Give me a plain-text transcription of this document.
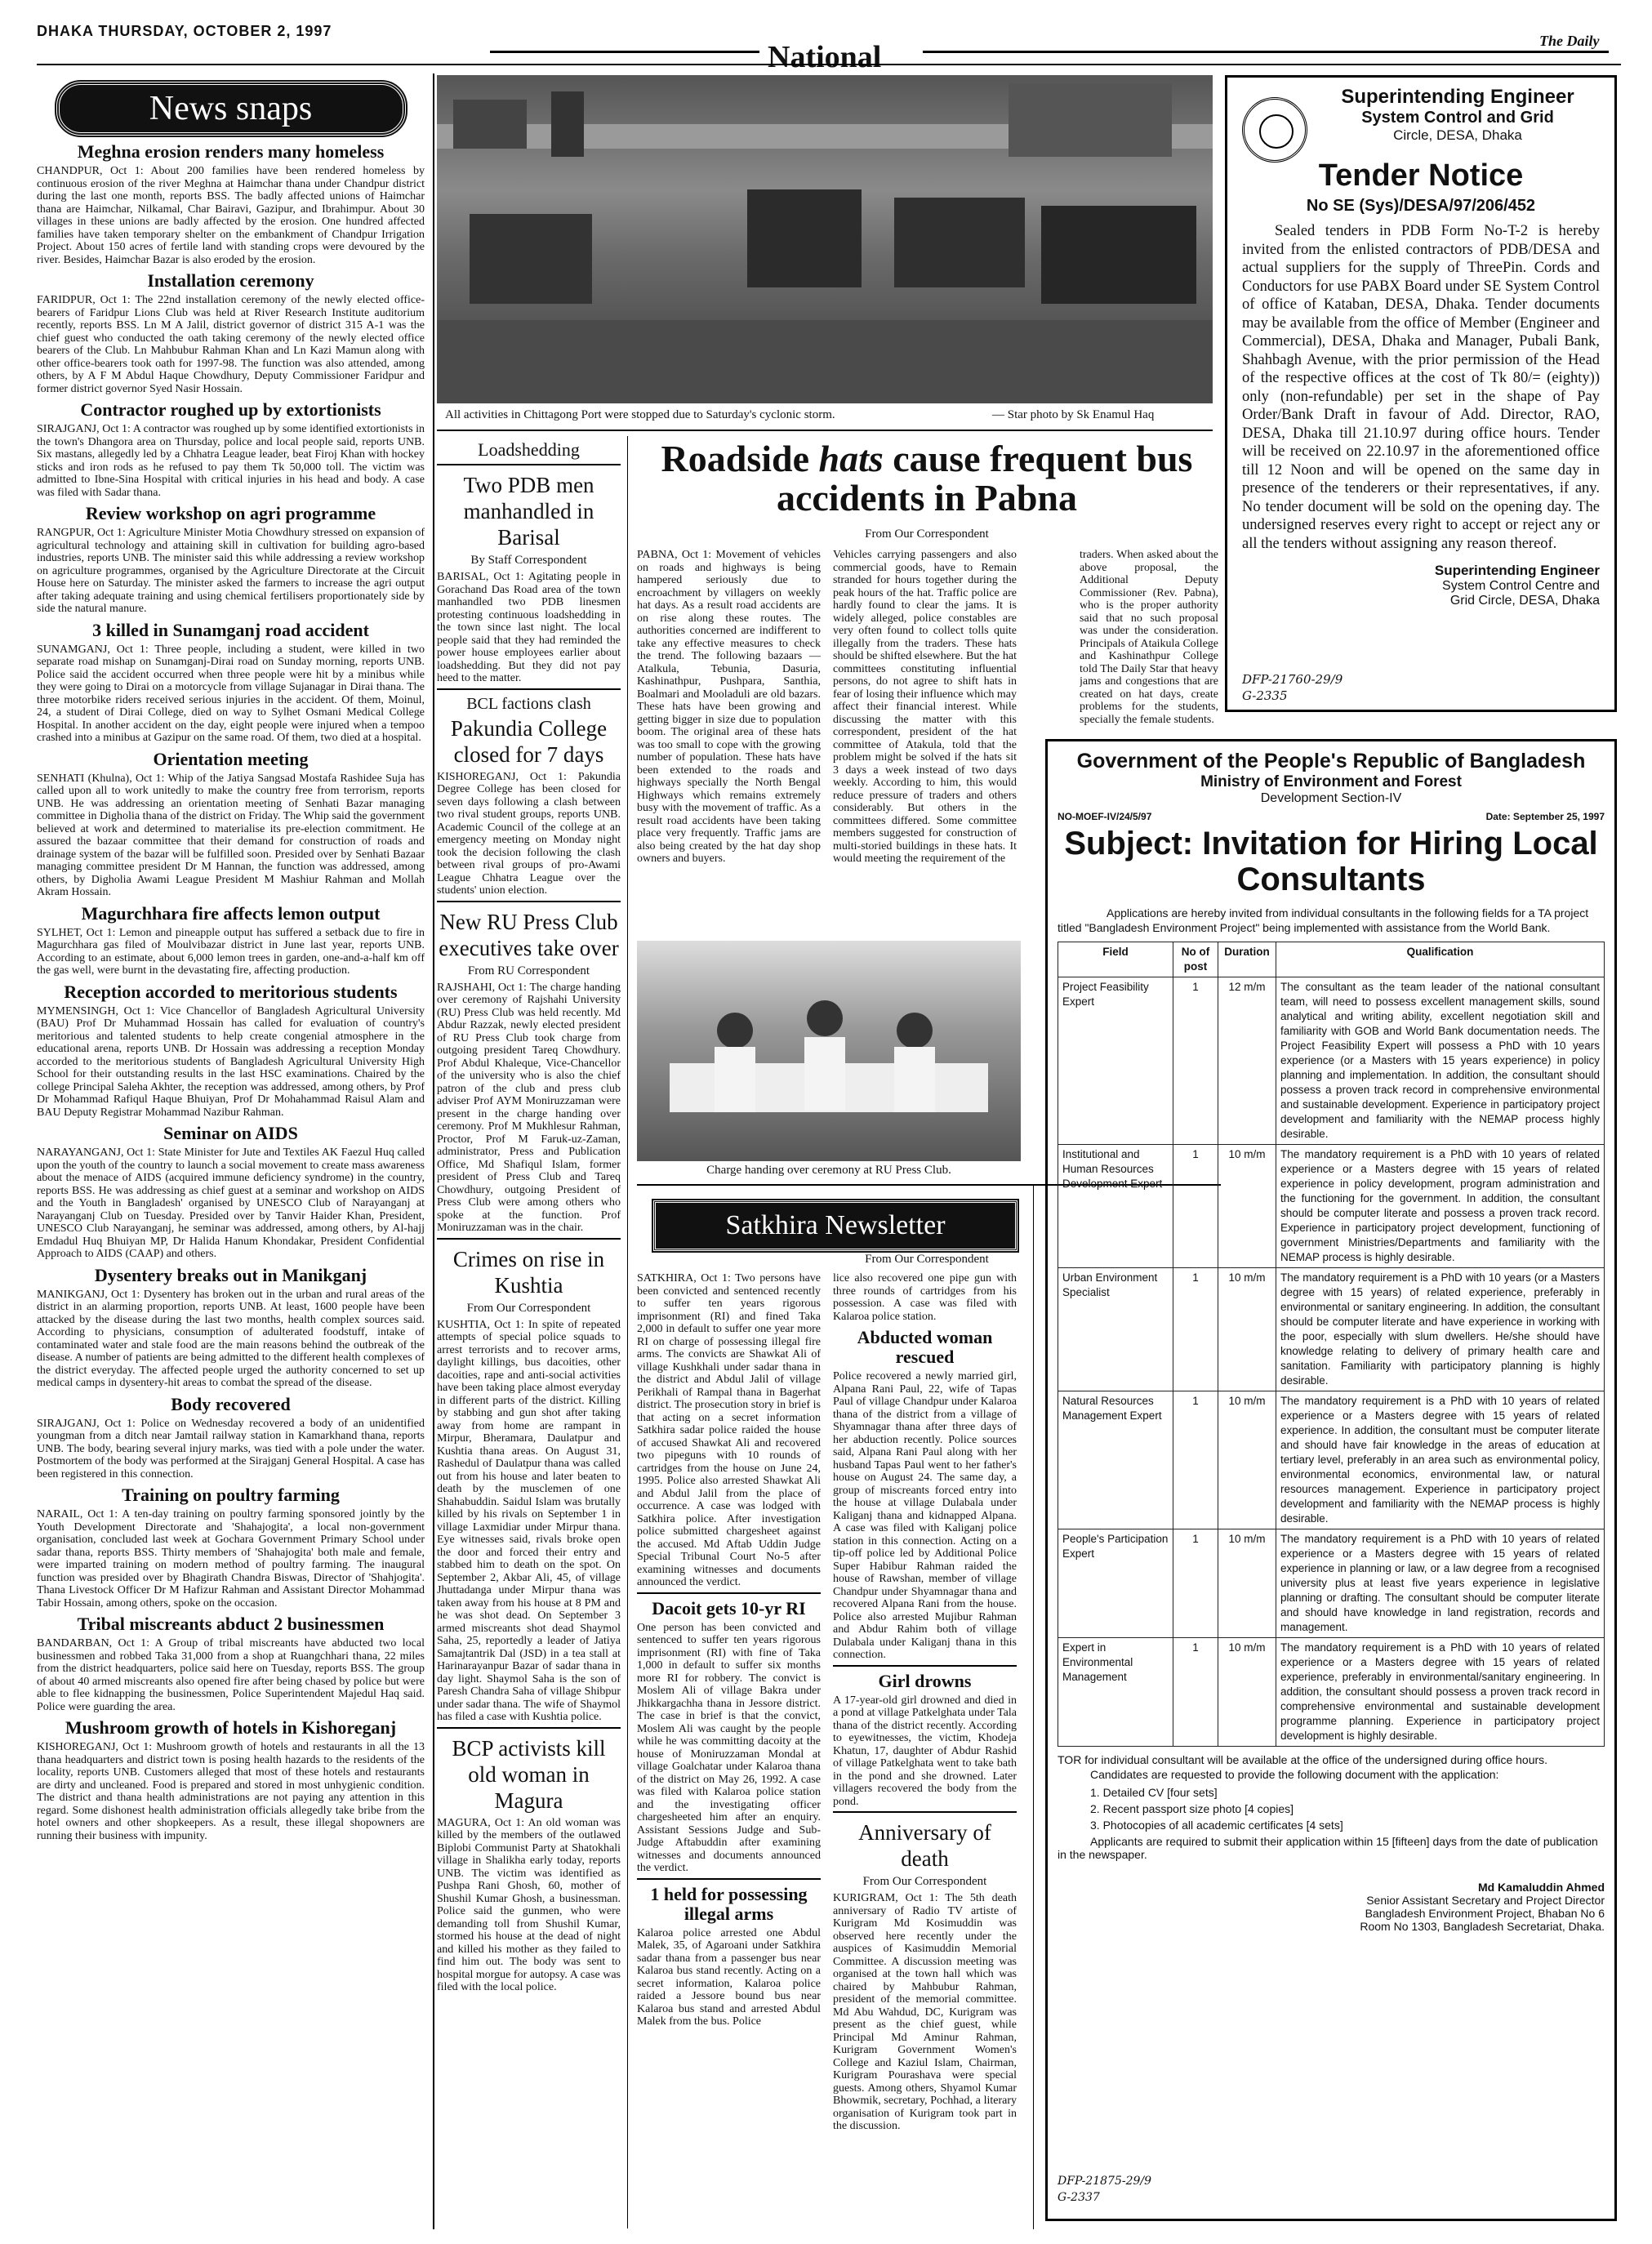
DHAKA THURSDAY, OCTOBER 2, 1997
National	The Daily
News snaps
Meghna erosion renders many homeless

CHANDPUR, Oct 1: About 200 families have been rendered homeless by continuous erosion of the river Meghna at Haimchar thana under Chandpur district during the last one month, reports BSS. The badly affected unions of Haimchar thana are Haimchar, Nilkamal, Char Bairavi, Gazipur, and Ibrahimpur. About 30 villages in these unions are badly affected by the erosion. One hundred affected families have taken temporary shelter on the embankment of Chandpur Irrigation Project. About 150 acres of fertile land with standing crops were devoured by the river. Besides, Haimchar Bazar is also eroded by the erosion.

Installation ceremony

FARIDPUR, Oct 1: The 22nd installation ceremony of the newly elected office-bearers of Faridpur Lions Club was held at River Research Institute auditorium recently, reports BSS. Ln M A Jalil, district governor of district 315 A-1 was the chief guest who conducted the oath taking ceremony of the newly elected office bearers of the Club. Ln Mahbubur Rahman Khan and Ln Kazi Mamun along with other office-bearers took oath for 1997-98. The function was also attended, among others, by A F M Abdul Haque Chowdhury, Deputy Commissioner Faridpur and former district governor Syed Nasir Hossain.

Contractor roughed up by extortionists

SIRAJGANJ, Oct 1: A contractor was roughed up by some identified extortionists in the town's Dhangora area on Thursday, police and local people said, reports UNB. Six mastans, allegedly led by a Chhatra League leader, beat Firoj Khan with hockey sticks and iron rods as he refused to pay them Tk 50,000 toll. The victim was admitted to Ibne-Sina Hospital with critical injuries in his head and body. A case was filed with Sadar thana.

Review workshop on agri programme

RANGPUR, Oct 1: Agriculture Minister Motia Chowdhury stressed on expansion of agricultural technology and attaining skill in cultivation for building agro-based industries, reports UNB. The minister said this while addressing a review workshop on agriculture programmes, organised by the Agriculture Directorate at the Circuit House here on Saturday. The minister asked the farmers to increase the agri output after taking adequate training and using chemical fertilisers proportionately side by side the natural manure.

3 killed in Sunamganj road accident

SUNAMGANJ, Oct 1: Three people, including a student, were killed in two separate road mishap on Sunamganj-Dirai road on Sunday morning, reports UNB. Police said the accident occurred when three people were hit by a minibus while they were going to Dirai on a motorcycle from village Sujanagar in Dirai thana. The three motorbike riders received serious injuries in the accident. Of them, Moinul, 24, a student of Dirai College, died on way to Sylhet Osmani Medical College Hospital. In another accident on the day, eight people were injured when a tempoo crashed into a minibus at Gazipur on the same road. Of them, two died at a hospital.

Orientation meeting

SENHATI (Khulna), Oct 1: Whip of the Jatiya Sangsad Mostafa Rashidee Suja has called upon all to work unitedly to make the country free from terrorism, reports UNB. He was addressing an orientation meeting of Senhati Bazar managing committee in Digholia thana of the district on Friday. The Whip said the government believed at work and determined to materialise its pre-election commitment. He assured the bazaar committee that their demand for construction of roads and drainage system of the bazar will be fulfilled soon. Presided over by Senhati Bazaar managing committee president Dr M Hannan, the function was addressed, among others, by Digholia Awami League President M Mashiur Rahman and Mollah Akram Hossain.

Magurchhara fire affects lemon output

SYLHET, Oct 1: Lemon and pineapple output has suffered a setback due to fire in Magurchhara gas filed of Moulvibazar district in June last year, reports UNB. According to an estimate, about 6,000 lemon trees in garden, one-and-a-half km off the gas well, were burnt in the devastating fire, affecting production.

Reception accorded to meritorious students

MYMENSINGH, Oct 1: Vice Chancellor of Bangladesh Agricultural University (BAU) Prof Dr Muhammad Hossain has called for evaluation of country's meritorious and talented students to help create congenial atmosphere in the educational arena, reports UNB. Dr Hossain was addressing a reception Monday accorded to the meritorious students of Bangladesh Agricultural University High School for their outstanding results in the last HSC examinations. Chaired by the college Principal Saleha Akhter, the reception was addressed, among others, by Prof Dr Mohammad Rafiqul Haque Bhuiyan, Prof Dr Mohahammad Raisul Alam and BAU Deputy Registrar Mohammad Nazibur Rahman.

Seminar on AIDS

NARAYANGANJ, Oct 1: State Minister for Jute and Textiles AK Faezul Huq called upon the youth of the country to launch a social movement to create mass awareness about the menace of AIDS (acquired immune deficiency syndrome) in the country, reports BSS. He was addressing as chief guest at a seminar and workshop on AIDS and the Youth in Bangladesh' organised by UNESCO Club of Narayanganj at Narayanganj Club on Tuesday. Presided over by Tanvir Haider Khan, President, UNESCO Club Narayanganj, he seminar was addressed, among others, by Al-hajj Emdadul Huq Bhuiyan MP, Dr Halida Hanum Khondakar, President Confidential Approach to AIDS (CAAP) and others.

Dysentery breaks out in Manikganj

MANIKGANJ, Oct 1: Dysentery has broken out in the urban and rural areas of the district in an alarming proportion, reports UNB. At least, 1600 people have been attacked by the disease during the last two months, health complex sources said. According to physicians, consumption of adulterated foodstuff, intake of contaminated water and stale food are the main reasons behind the outbreak of the disease. A number of patients are being admitted to the different health complexes of the district everyday. The affected people urged the authority concerned to set up medical camps in dysentery-hit areas to combat the spread of the disease.

Body recovered

SIRAJGANJ, Oct 1: Police on Wednesday recovered a body of an unidentified youngman from a ditch near Jamtail railway station in Kamarkhand thana, reports UNB. The body, bearing several injury marks, was tied with a pole under the water. Postmortem of the body was performed at the Sirajganj General Hospital. A case has been registered in this connection.

Training on poultry farming

NARAIL, Oct 1: A ten-day training on poultry farming sponsored jointly by the Youth Development Directorate and 'Shahajogita', a local non-government organisation, concluded last week at Gochara Government Primary School under sadar thana, reports BSS. Thirty members of 'Shahajogita' both male and female, were imparted training on modern method of poultry farming. The inaugural function was presided over by Bhagirath Chandra Biswas, Director of 'Shahjogita'. Thana Livestock Officer Dr M Hafizur Rahman and Assistant Director Mohammad Tabir Hossain, among others, spoke on the occasion.

Tribal miscreants abduct 2 businessmen

BANDARBAN, Oct 1: A Group of tribal miscreants have abducted two local businessmen and robbed Taka 31,000 from a shop at Ruangchhari thana, 22 miles from the district headquarters, police said here on Tuesday, reports BSS. The group of about 40 armed miscreants also opened fire after being chased by police but were able to flee kidnapping the businessmen, Police Superintendent Majedul Haq said. Police were guarding the area.

Mushroom growth of hotels in Kishoreganj

KISHOREGANJ, Oct 1: Mushroom growth of hotels and restaurants in all the 13 thana headquarters and district town is posing health hazards to the residents of the locality, reports UNB. Customers alleged that most of these hotels and restaurants are dirty and uncleaned. Food is prepared and stored in most unhygienic condition. The district and thana health administrations are not paying any attention in this regard. Some dishonest health administration officials allegedly take bribe from the hotel owners and other shopkeepers. As a result, these illegal shopowners are running their business with impunity.

All activities in Chittagong Port were stopped due to Saturday's cyclonic storm.	— Star photo by Sk Enamul Haq
Loadshedding
Two PDB men manhandled in Barisal
By Staff Correspondent

BARISAL, Oct 1: Agitating people in Gorachand Das Road area of the town manhandled two PDB linesmen protesting continuous loadshedding in the town since last night. The local people said that they had reminded the power house employees earlier about loadshedding. But they did not pay heed to the matter.

BCL factions clash
Pakundia College closed for 7 days

KISHOREGANJ, Oct 1: Pakundia Degree College has been closed for seven days following a clash between two rival student groups, reports UNB. Academic Council of the college at an emergency meeting on Monday night took the decision following the clash between rival groups of pro-Awami League Chhatra League over the students' union election.

New RU Press Club executives take over
From RU Correspondent

RAJSHAHI, Oct 1: The charge handing over ceremony of Rajshahi University (RU) Press Club was held recently. Md Abdur Razzak, newly elected president of RU Press Club took charge from outgoing president Tareq Chowdhury. Prof Abdul Khaleque, Vice-Chancellor of the university who is also the chief patron of the club and press club adviser Prof AYM Moniruzzaman were present in the charge handing over ceremony. Prof M Mukhlesur Rahman, Proctor, Prof M Faruk-uz-Zaman, administrator, Press and Publication Office, Md Shafiqul Islam, former president of Press Club and Tareq Chowdhury, outgoing President of Press Club were among others who spoke at the function. Prof Moniruzzaman was in the chair.

Crimes on rise in Kushtia
From Our Correspondent

KUSHTIA, Oct 1: In spite of repeated attempts of special police squads to arrest terrorists and to recover arms, daylight killings, bus dacoities, other dacoities, rape and anti-social activities have been taking place almost everyday in different parts of the district. Killing by stabbing and gun shot after taking away from home are rampant in Mirpur, Bheramara, Daulatpur and Kushtia thana areas. On August 31, Rashedul of Daulatpur thana was called out from his house and later beaten to death by the musclemen of one Shahabuddin. Saidul Islam was brutally killed by his rivals on September 1 in village Laxmidiar under Mirpur thana. Eye witnesses said, rivals broke open the door and forced their entry and stabbed him to death on the spot. On September 2, Akbar Ali, 45, of village Jhuttadanga under Mirpur thana was taken away from his house at 8 PM and he was shot dead. On September 3 armed miscreants shot dead Shaymol Saha, 25, reportedly a leader of Jatiya Samajtantrik Dal (JSD) in a tea stall at Harinarayanpur Bazar of sadar thana in day light. Shaymol Saha is the son of Paresh Chandra Saha of village Shibpur under sadar thana. The wife of Shaymol has filed a case with Kushtia police.

BCP activists kill old woman in Magura

MAGURA, Oct 1: An old woman was killed by the members of the outlawed Biplobi Communist Party at Shatokhali village in Shalikha early today, reports UNB. The victim was identified as Pushpa Rani Ghosh, 60, mother of Shushil Kumar Ghosh, a businessman. Police said the gunmen, who were demanding toll from Shushil Kumar, stormed his house at the dead of night and killed his mother as they failed to find him out. The body was sent to hospital morgue for autopsy. A case was filed with the local police.

Roadside hats cause frequent bus accidents in Pabna
From Our Correspondent

PABNA, Oct 1: Movement of vehicles on roads and highways is being hampered seriously due to encroachment by villagers on weekly hat days. As a result road accidents are on rise along these routes. The authorities concerned are indifferent to take any effective measures to check the trend. The following bazaars — Atalkula, Tebunia, Dasuria, Kashinathpur, Pushpara, Santhia, Boalmari and Mooladuli are old bazars. These hats have been growing and getting bigger in size due to population boom. The original area of these hats was too small to cope with the growing number of population. These hats have been extended to the roads and highways specially the North Bengal Highways which remains extremely busy with the movement of traffic. As a result road accidents have been taking place very frequently. Traffic jams are also being created by the hat day shop owners and buyers.

Vehicles carrying passengers and also commercial goods, have to Remain stranded for hours together during the peak hours of the hat. Traffic police are hardly found to clear the jams. It is widely alleged, police constables are very often found to collect tolls quite illegally from the traders. These hats should be shifted elsewhere. But the hat committees constituting influential persons, do not agree to shift hats in fear of losing their influence which may affect their financial interest. While discussing the matter with this correspondent, president of the hat committee of Atakula, told that the problem might be solved if the hats sit 3 days a week instead of two days weekly. According to him, this would reduce pressure of traders and others considerably. But others in the committees differed. Some committee members suggested for construction of multi-storied buildings in these hats. It would meeting the requirement of the

traders. When asked about the above proposal, the Additional Deputy Commissioner (Rev. Pabna), who is the proper authority said that no such proposal was under the consideration. Principals of Ataikula College and Kashinathpur College told The Daily Star that heavy jams and congestions that are created on hat days, create problems for the students, specially the female students.

Charge handing over ceremony at RU Press Club.
Satkhira Newsletter
From Our Correspondent

SATKHIRA, Oct 1: Two persons have been convicted and sentenced recently to suffer ten years rigorous imprisonment (RI) and fined Taka 2,000 in default to suffer one year more RI on charge of possessing illegal fire arms. The convicts are Shawkat Ali of village Kushkhali under sadar thana in the district and Abdul Jalil of village Perikhali of Rampal thana in Bagerhat district. The prosecution story in brief is that acting on a secret information Satkhira sadar police raided the house of accused Shawkat Ali and recovered two pipeguns with 10 rounds of cartridges from the house on June 24, 1995. Police also arrested Shawkat Ali and Abdul Jalil from the place of occurrence. A case was lodged with Satkhira police. After investigation police submitted chargesheet against the accused. Md Aftab Uddin Judge Special Tribunal Court No-5 after examining witnesses and documents announced the verdict.

Dacoit gets 10-yr RI

One person has been convicted and sentenced to suffer ten years rigorous imprisonment (RI) with fine of Taka 1,000 in default to suffer six months more RI for robbery. The convict is Moslem Ali of village Bakra under Jhikkargachha thana in Jessore district. The case in brief is that the convict, Moslem Ali was caught by the people while he was committing dacoity at the house of Moniruzzaman Mondal at village Goalchatar under Kalaroa thana of the district on May 26, 1992. A case was filed with Kalaroa police station and the investigating officer chargesheeted him after an enquiry. Assistant Sessions Judge and Sub-Judge Aftabuddin after examining witnesses and documents announced the verdict.

1 held for possessing illegal arms

Kalaroa police arrested one Abdul Malek, 35, of Agaroani under Satkhira sadar thana from a passenger bus near Kalaroa bus stand recently. Acting on a secret information, Kalaroa police raided a Jessore bound bus near Kalaroa bus stand and arrested Abdul Malek from the bus. Police

lice also recovered one pipe gun with three rounds of cartridges from his possession. A case was filed with Kalaroa police station.

Abducted woman rescued

Police recovered a newly married girl, Alpana Rani Paul, 22, wife of Tapas Paul of village Chandpur under Kalaroa thana of the district from a village of Shyamnagar thana after three days of her abduction recently. Police sources said, Alpana Rani Paul along with her husband Tapas Paul went to her father's house on August 24. The same day, a group of miscreants forced entry into the house at village Dulabala under Kaliganj thana and kidnapped Alpana. A case was filed with Kaliganj police station in this connection. Acting on a tip-off police led by Additional Police Super Habibur Rahman raided the house of Rawshan, member of village Chandpur under Shyamnagar thana and recovered Alpana Rani from the house. Police also arrested Mujibur Rahman and Abdur Rahim both of village Dulabala under Kaliganj thana in this connection.

Girl drowns

A 17-year-old girl drowned and died in a pond at village Patkelghata under Tala thana of the district recently. According to eyewitnesses, the victim, Khodeja Khatun, 17, daughter of Abdur Rashid of village Patkelghata went to take bath in the pond and she drowned. Later villagers recovered the body from the pond.

Anniversary of death
From Our Correspondent

KURIGRAM, Oct 1: The 5th death anniversary of Radio TV artiste of Kurigram Md Kosimuddin was observed here recently under the auspices of Kasimuddin Memorial Committee. A discussion meeting was organised at the town hall which was chaired by Mahbubur Rahman, president of the memorial committee. Md Abu Wahdud, DC, Kurigram was present as the chief guest, while Principal Md Aminur Rahman, Kurigram Government Women's College and Kaziul Islam, Chairman, Kurigram Pourashava were special guests. Among others, Shyamol Kumar Bhowmik, secretary, Pochhad, a literary organisation of Kurigram took part in the discussion.

Superintending Engineer
System Control and Grid
Circle, DESA, Dhaka
Tender Notice
No SE (Sys)/DESA/97/206/452

Sealed tenders in PDB Form No-T-2 is hereby invited from the enlisted contractors of PDB/DESA and actual suppliers for the supply of ThreePin. Cords and Conductors for use PABX Board under SE System Control of office of Kataban, DESA, Dhaka. Tender documents may be available from the office of Member (Engineer and Commercial), DESA, Dhaka and Manager, Pubali Bank, Shahbagh Avenue, with the prior permission of the Head of the respective offices at the cost of Tk 80/= (eighty)) only (non-refundable) per set in the shape of Pay Order/Bank Draft in favour of Add. Director, RAO, DESA, Dhaka till 21.10.97 during office hours. Tender will be received on 22.10.97 in the aforementioned office till 12 Noon and will be opened on the same day in presence of the tenderers or their representatives, if any. No tender document will be sold on the opening day. The undersigned reserves every right to accept or reject any or all the tenders without assigning any reason thereof.

Superintending Engineer
System Control Centre and
Grid Circle, DESA, Dhaka
DFP-21760-29/9
G-2335
Government of the People's Republic of Bangladesh
Ministry of Environment and Forest
Development Section-IV
NO-MOEF-IV/24/5/97	Date: September 25, 1997
Subject: Invitation for Hiring Local Consultants

Applications are hereby invited from individual consultants in the following fields for a TA project titled "Bangladesh Environment Project" being implemented with assistance from the World Bank.

Field	No of post	Duration	Qualification
Project Feasibility Expert	1	12 m/m	The consultant as the team leader of the national consultant team, will need to possess excellent management skills, sound analytical and writing ability, excellent negotiation skill and familiarity with GOB and World Bank documentation needs. The Project Feasibility Expert will possess a PhD with 10 years experience (or a Masters with 15 years experience) in policy planning and implementation. In addition, the consultant should possess a proven track record in comprehensive environmental and sustainable development. Experience in participatory project development and familiarity with the NEMAP process highly desirable.
Institutional and Human Resources Development Expert	1	10 m/m	The mandatory requirement is a PhD with 10 years of related experience or a Masters degree with 15 years of related experience in policy development, program administration and the functioning for the government. In addition, the consultant should be computer literate and possess a proven track record. Experience in participatory project development, functioning of government Ministries/Departments and familiarity with the NEMAP process is highly desirable.
Urban Environment Specialist	1	10 m/m	The mandatory requirement is a PhD with 10 years (or a Masters degree with 15 years) of related experience, preferably in environmental or sanitary engineering. In addition, the consultant should be computer literate and have experience in working with the poor, especially with slum dwellers. He/she should have knowledge relating to delivery of primary health care and sanitation. Familiarity with participatory planning is highly desirable.
Natural Resources Management Expert	1	10 m/m	The mandatory requirement is a PhD with 10 years of related experience or a Masters degree with 15 years of related experience. In addition, the consultant must be computer literate and should have fair knowledge in the areas of education at tertiary level, preferably in an area such as environmental policy, environmental economics, environmental law, or natural resources management. Experience in participatory project development and familiarity with the NEMAP process is highly desirable.
People's Participation Expert	1	10 m/m	The mandatory requirement is a PhD with 10 years of related experience or a Masters degree with 15 years of related experience in planning or law, or a law degree from a recognised university plus at least five years experience in legislative planning or drafting. The consultant should be computer literate and should have knowledge in land registration, records and management.
Expert in Environmental Management	1	10 m/m	The mandatory requirement is a PhD with 10 years of related experience or a Masters degree with 15 years of related experience, preferably in environmental/sanitary engineering. In addition, the consultant should possess a proven track record in comprehensive environmental and sustainable development programme planning. Experience in participatory project development is highly desirable.

TOR for individual consultant will be available at the office of the undersigned during office hours.

Candidates are requested to provide the following document with the application:

1. Detailed CV [four sets]
2. Recent passport size photo [4 copies]
3. Photocopies of all academic certificates [4 sets]

Applicants are required to submit their application within 15 [fifteen] days from the date of publication in the newspaper.

Md Kamaluddin Ahmed
Senior Assistant Secretary and Project Director
Bangladesh Environment Project, Bhaban No 6
Room No 1303, Bangladesh Secretariat, Dhaka.
DFP-21875-29/9
G-2337
